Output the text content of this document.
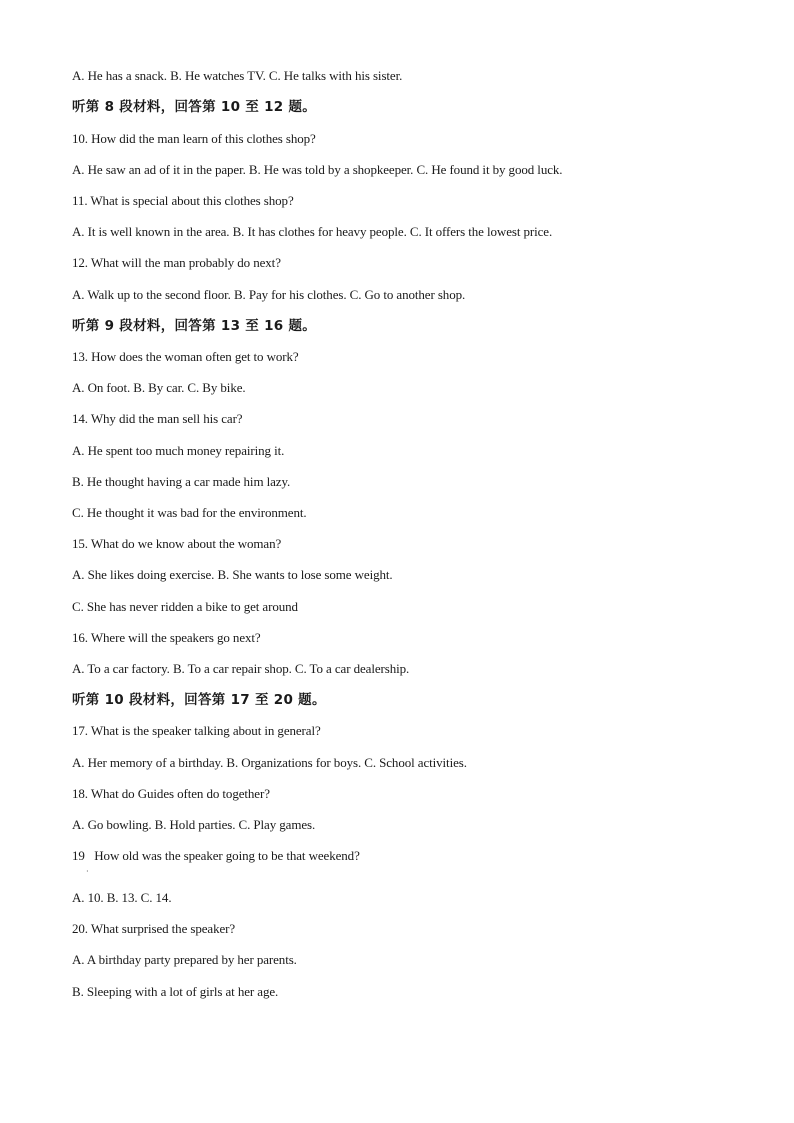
A. He has a snack. B. He watches TV. C. He talks with his sister.
听第 8 段材料，回答第 10 至 12 题。
10. How did the man learn of this clothes shop?
A. He saw an ad of it in the paper. B. He was told by a shopkeeper. C. He found it by good luck.
11. What is special about this clothes shop?
A. It is well known in the area. B. It has clothes for heavy people. C. It offers the lowest price.
12. What will the man probably do next?
A. Walk up to the second floor. B. Pay for his clothes. C. Go to another shop.
听第 9 段材料，回答第 13 至 16 题。
13. How does the woman often get to work?
A. On foot. B. By car. C. By bike.
14. Why did the man sell his car?
A. He spent too much money repairing it.
B. He thought having a car made him lazy.
C. He thought it was bad for the environment.
15. What do we know about the woman?
A. She likes doing exercise. B. She wants to lose some weight.
C. She has never ridden a bike to get around
16. Where will the speakers go next?
A. To a car factory. B. To a car repair shop. C. To a car dealership.
听第 10 段材料，回答第 17 至 20 题。
17. What is the speaker talking about in general?
A. Her memory of a birthday. B. Organizations for boys. C. School activities.
18. What do Guides often do together?
A. Go bowling. B. Hold parties. C. Play games.
19   How old was the speaker going to be that weekend?
·
A. 10. B. 13. C. 14.
20. What surprised the speaker?
A. A birthday party prepared by her parents.
B. Sleeping with a lot of girls at her age.
